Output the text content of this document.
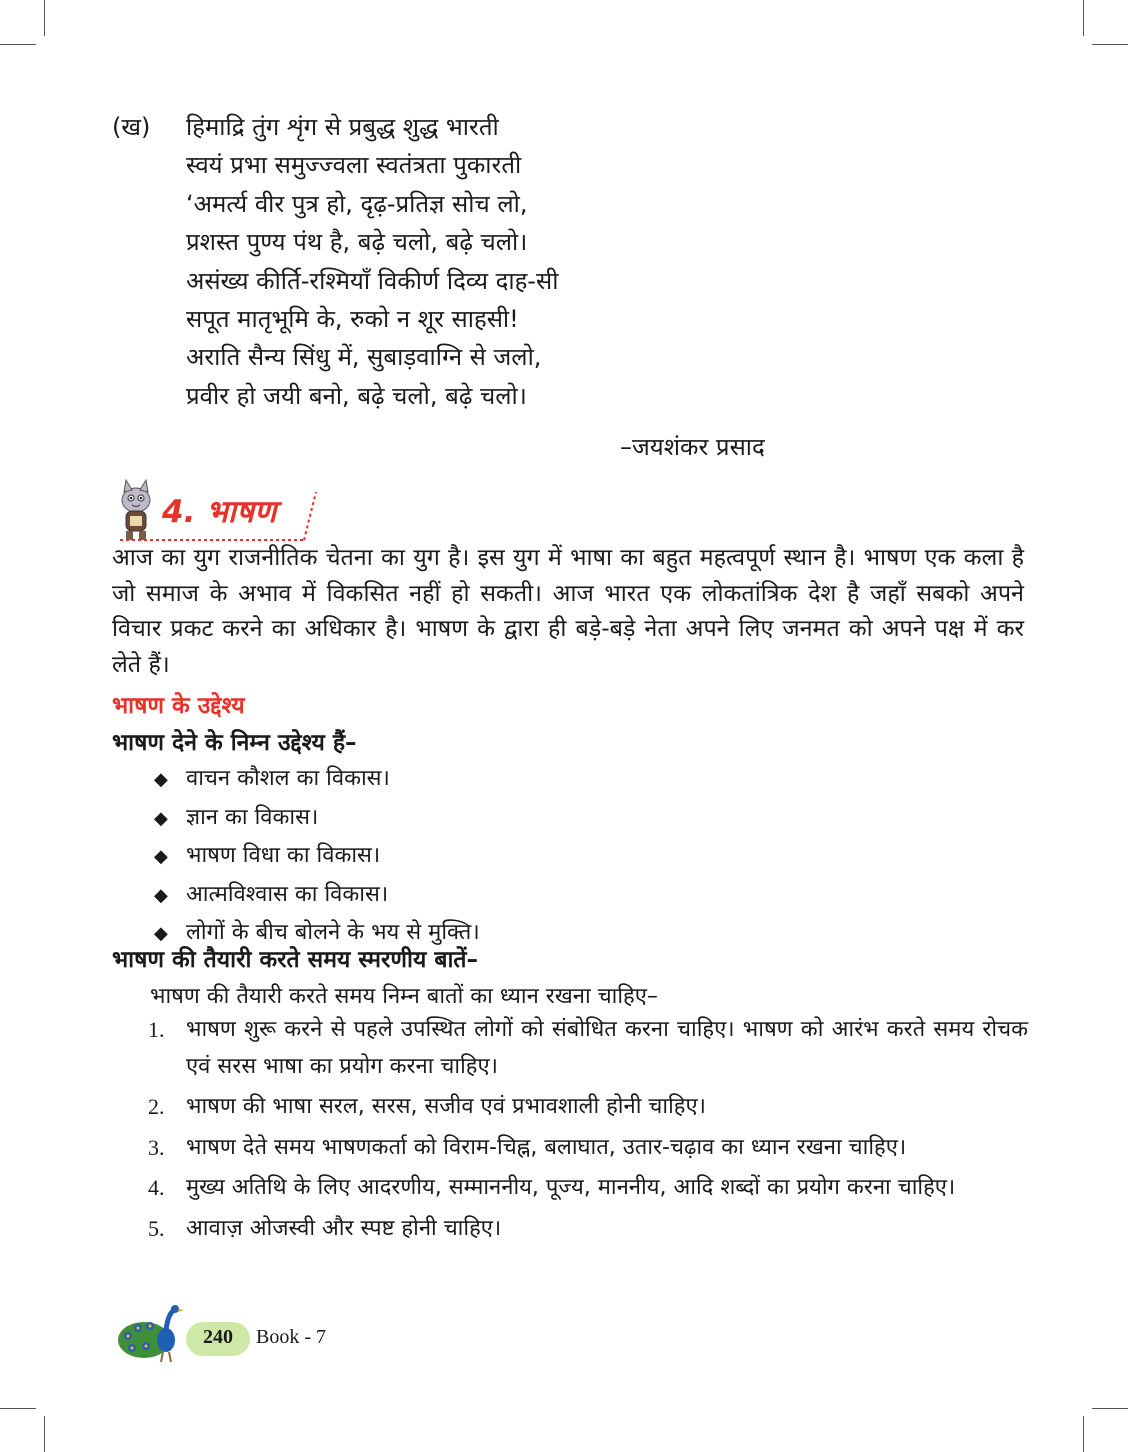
(ख) हिमाद्रि तुंग शृंग से प्रबुद्ध शुद्ध भारती
स्वयं प्रभा समुज्ज्वला स्वतंत्रता पुकारती
‘अमर्त्य वीर पुत्र हो, दृढ़-प्रतिज्ञ सोच लो,
प्रशस्त पुण्य पंथ है, बढ़े चलो, बढ़े चलो।
असंख्य कीर्ति-रश्मियाँ विकीर्ण दिव्य दाह-सी
सपूत मातृभूमि के, रुको न शूर साहसी!
अराति सैन्य सिंधु में, सुबाड़वाग्नि से जलो,
प्रवीर हो जयी बनो, बढ़े चलो, बढ़े चलो।
–जयशंकर प्रसाद
4. भाषण

आज का युग राजनीतिक चेतना का युग है। इस युग में भाषा का बहुत महत्वपूर्ण स्थान है। भाषण एक कला है जो समाज के अभाव में विकसित नहीं हो सकती। आज भारत एक लोकतांत्रिक देश है जहाँ सबको अपने विचार प्रकट करने का अधिकार है। भाषण के द्वारा ही बड़े-बड़े नेता अपने लिए जनमत को अपने पक्ष में कर लेते हैं।

भाषण के उद्देश्य
भाषण देने के निम्न उद्देश्य हैं–
◆ वाचन कौशल का विकास।
◆ ज्ञान का विकास।
◆ भाषण विधा का विकास।
◆ आत्मविश्वास का विकास।
◆ लोगों के बीच बोलने के भय से मुक्ति।
भाषण की तैयारी करते समय स्मरणीय बातें–
भाषण की तैयारी करते समय निम्न बातों का ध्यान रखना चाहिए–
1. भाषण शुरू करने से पहले उपस्थित लोगों को संबोधित करना चाहिए। भाषण को आरंभ करते समय रोचक एवं सरस भाषा का प्रयोग करना चाहिए।
2. भाषण की भाषा सरल, सरस, सजीव एवं प्रभावशाली होनी चाहिए।
3. भाषण देते समय भाषणकर्ता को विराम-चिह्न, बलाघात, उतार-चढ़ाव का ध्यान रखना चाहिए।
4. मुख्य अतिथि के लिए आदरणीय, सम्माननीय, पूज्य, माननीय, आदि शब्दों का प्रयोग करना चाहिए।
5. आवाज़ ओजस्वी और स्पष्ट होनी चाहिए।
240	Book - 7
